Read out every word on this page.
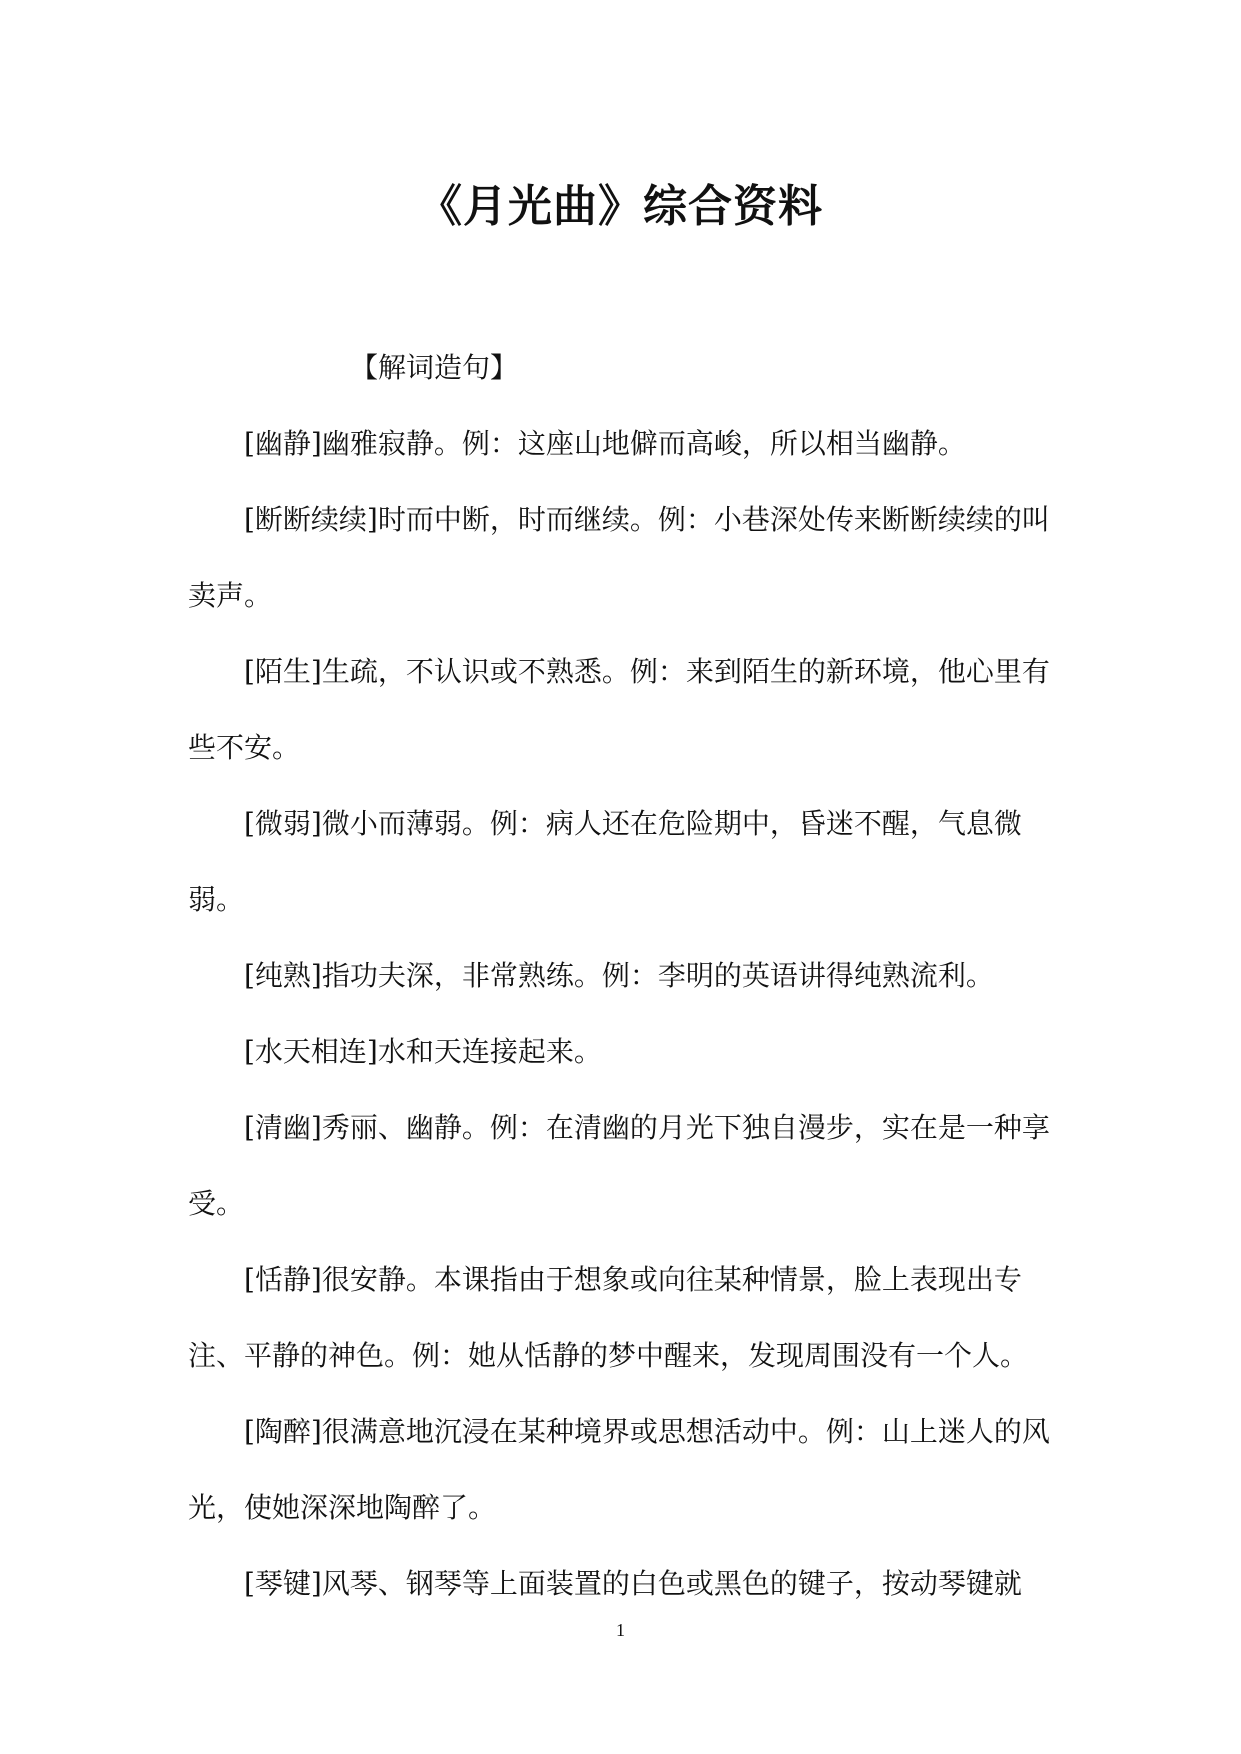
《月光曲》综合资料

【解词造句】

[幽静]幽雅寂静。例：这座山地僻而高峻，所以相当幽静。

[断断续续]时而中断，时而继续。例：小巷深处传来断断续续的叫卖声。

[陌生]生疏，不认识或不熟悉。例：来到陌生的新环境，他心里有些不安。

[微弱]微小而薄弱。例：病人还在危险期中，昏迷不醒，气息微弱。

[纯熟]指功夫深，非常熟练。例：李明的英语讲得纯熟流利。

[水天相连]水和天连接起来。

[清幽]秀丽、幽静。例：在清幽的月光下独自漫步，实在是一种享受。

[恬静]很安静。本课指由于想象或向往某种情景，脸上表现出专注、平静的神色。例：她从恬静的梦中醒来，发现周围没有一个人。

[陶醉]很满意地沉浸在某种境界或思想活动中。例：山上迷人的风光，使她深深地陶醉了。

[琴键]风琴、钢琴等上面装置的白色或黑色的键子，按动琴键就

1
